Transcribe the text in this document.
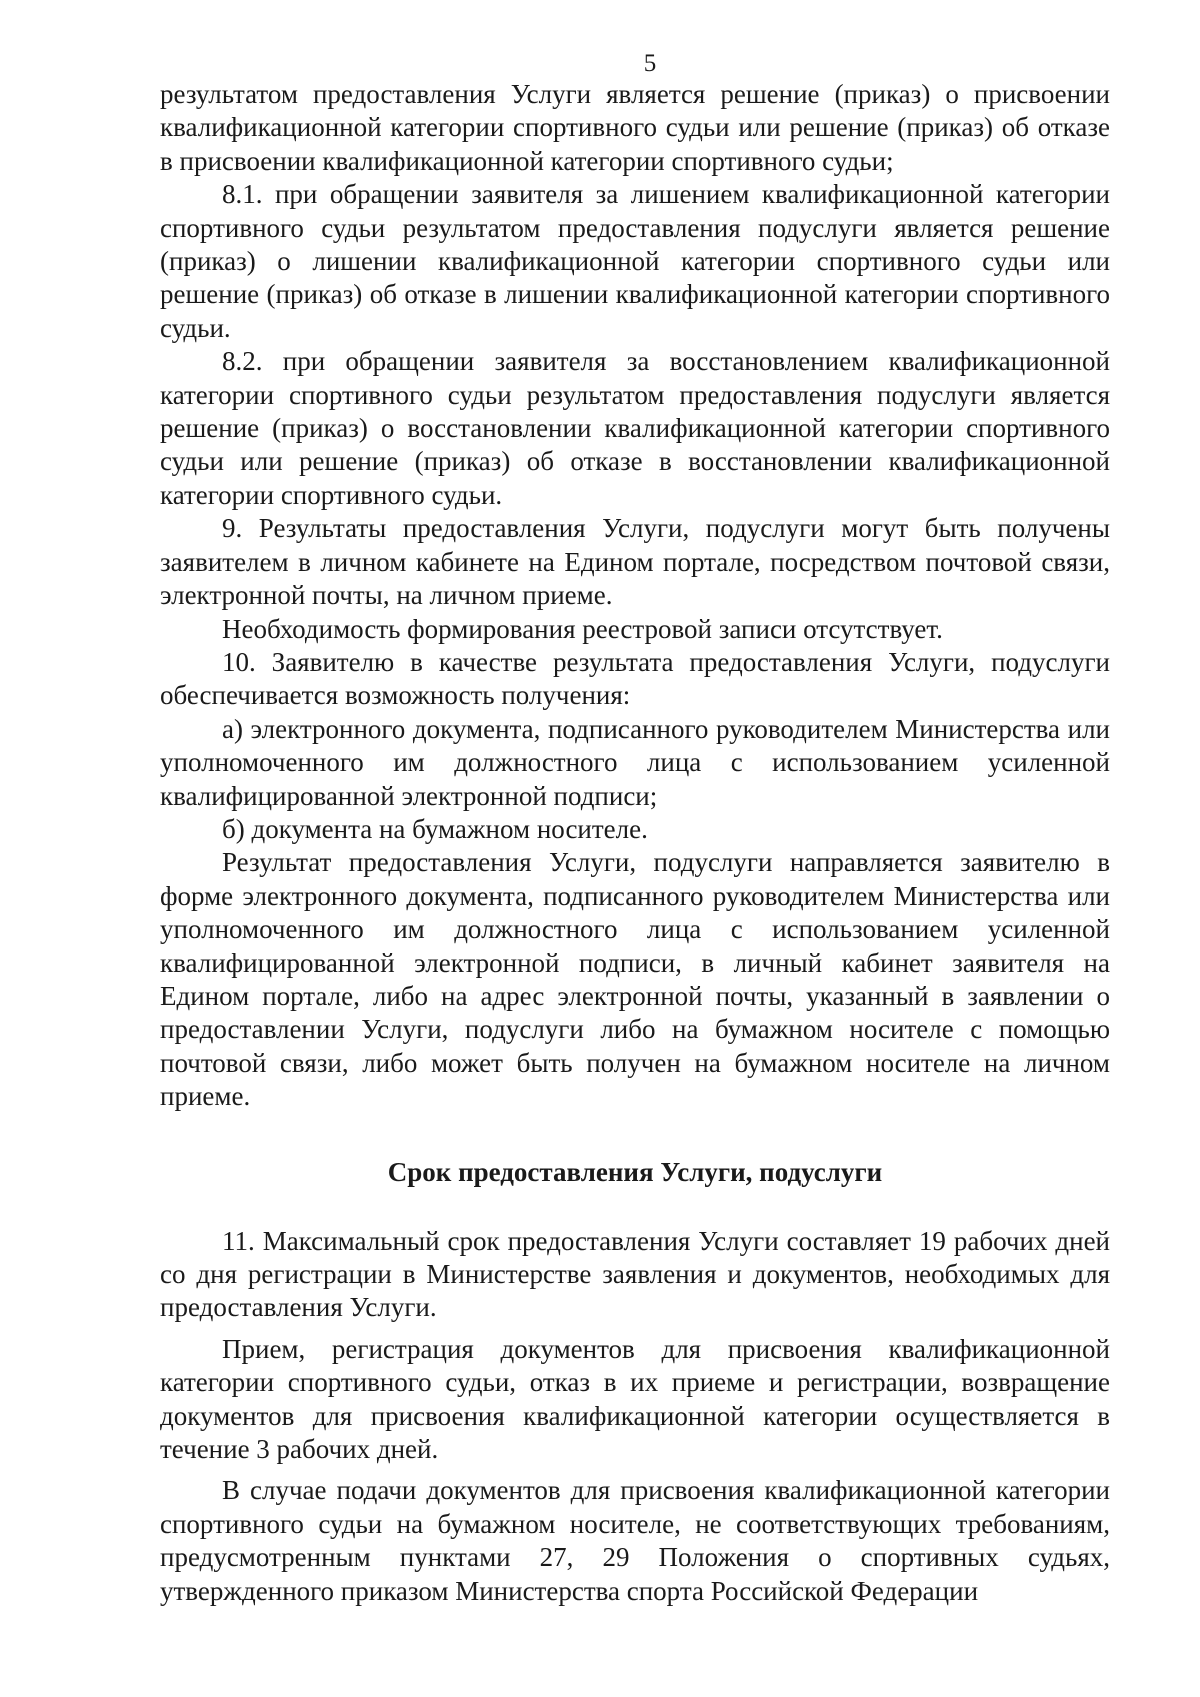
5

результатом предоставления Услуги является решение (приказ) о присвоении квалификационной категории спортивного судьи или решение (приказ) об отказе в присвоении квалификационной категории спортивного судьи;

8.1. при обращении заявителя за лишением квалификационной категории спортивного судьи результатом предоставления подуслуги является решение (приказ) о лишении квалификационной категории спортивного судьи или решение (приказ) об отказе в лишении квалификационной категории спортивного судьи.

8.2. при обращении заявителя за восстановлением квалификационной категории спортивного судьи результатом предоставления подуслуги является решение (приказ) о восстановлении квалификационной категории спортивного судьи или решение (приказ) об отказе в восстановлении квалификационной категории спортивного судьи.

9. Результаты предоставления Услуги, подуслуги могут быть получены заявителем в личном кабинете на Едином портале, посредством почтовой связи, электронной почты, на личном приеме.

Необходимость формирования реестровой записи отсутствует.

10. Заявителю в качестве результата предоставления Услуги, подуслуги обеспечивается возможность получения:

а) электронного документа, подписанного руководителем Министерства или уполномоченного им должностного лица с использованием усиленной квалифицированной электронной подписи;

б) документа на бумажном носителе.

Результат предоставления Услуги, подуслуги направляется заявителю в форме электронного документа, подписанного руководителем Министерства или уполномоченного им должностного лица с использованием усиленной квалифицированной электронной подписи, в личный кабинет заявителя на Едином портале, либо на адрес электронной почты, указанный в заявлении о предоставлении Услуги, подуслуги либо на бумажном носителе с помощью почтовой связи, либо может быть получен на бумажном носителе на личном приеме.

Срок предоставления Услуги, подуслуги

11. Максимальный срок предоставления Услуги составляет 19 рабочих дней со дня регистрации в Министерстве заявления и документов, необходимых для предоставления Услуги.

Прием, регистрация документов для присвоения квалификационной категории спортивного судьи, отказ в их приеме и регистрации, возвращение документов для присвоения квалификационной категории осуществляется в течение 3 рабочих дней.

В случае подачи документов для присвоения квалификационной категории спортивного судьи на бумажном носителе, не соответствующих требованиям, предусмотренным пунктами 27, 29 Положения о спортивных судьях, утвержденного приказом Министерства спорта Российской Федерации
